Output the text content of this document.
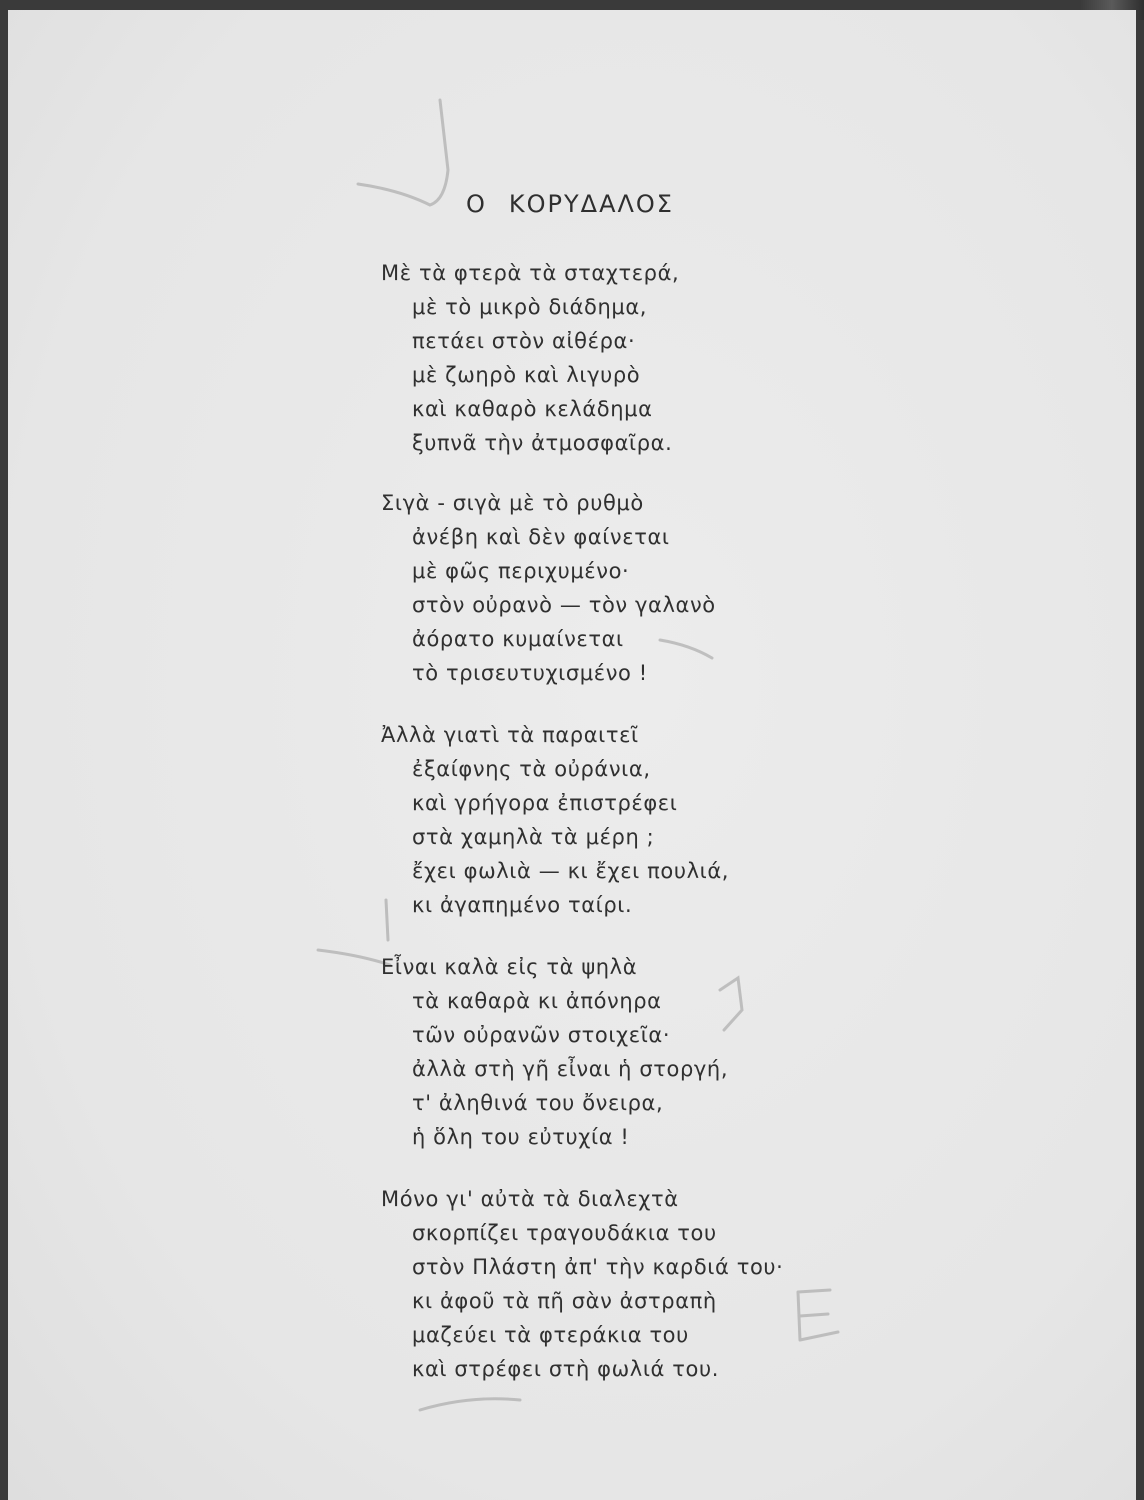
Ο ΚΟΡΥΔΑΛΟΣ
Μὲ τὰ φτερὰ τὰ σταχτερά,
μὲ τὸ μικρὸ διάδημα,
πετάει στὸν αἰθέρα·
μὲ ζωηρὸ καὶ λιγυρὸ
καὶ καθαρὸ κελάδημα
ξυπνᾶ τὴν ἀτμοσφαῖρα.
Σιγὰ - σιγὰ μὲ τὸ ρυθμὸ
ἀνέβη καὶ δὲν φαίνεται
μὲ φῶς περιχυμένο·
στὸν οὐρανὸ — τὸν γαλανὸ
ἀόρατο κυμαίνεται
τὸ τρισευτυχισμένο !
Ἀλλὰ γιατὶ τὰ παραιτεῖ
ἐξαίφνης τὰ οὐράνια,
καὶ γρήγορα ἐπιστρέφει
στὰ χαμηλὰ τὰ μέρη ;
ἔχει φωλιὰ — κι ἔχει πουλιά,
κι ἀγαπημένο ταίρι.
Εἶναι καλὰ εἰς τὰ ψηλὰ
τὰ καθαρὰ κι ἀπόνηρα
τῶν οὐρανῶν στοιχεῖα·
ἀλλὰ στὴ γῆ εἶναι ἡ στοργή,
τ' ἀληθινά του ὄνειρα,
ἡ ὅλη του εὐτυχία !
Μόνο γι' αὐτὰ τὰ διαλεχτὰ
σκορπίζει τραγουδάκια του
στὸν Πλάστη ἀπ' τὴν καρδιά του·
κι ἀφοῦ τὰ πῆ σὰν ἀστραπὴ
μαζεύει τὰ φτεράκια του
καὶ στρέφει στὴ φωλιά του.
